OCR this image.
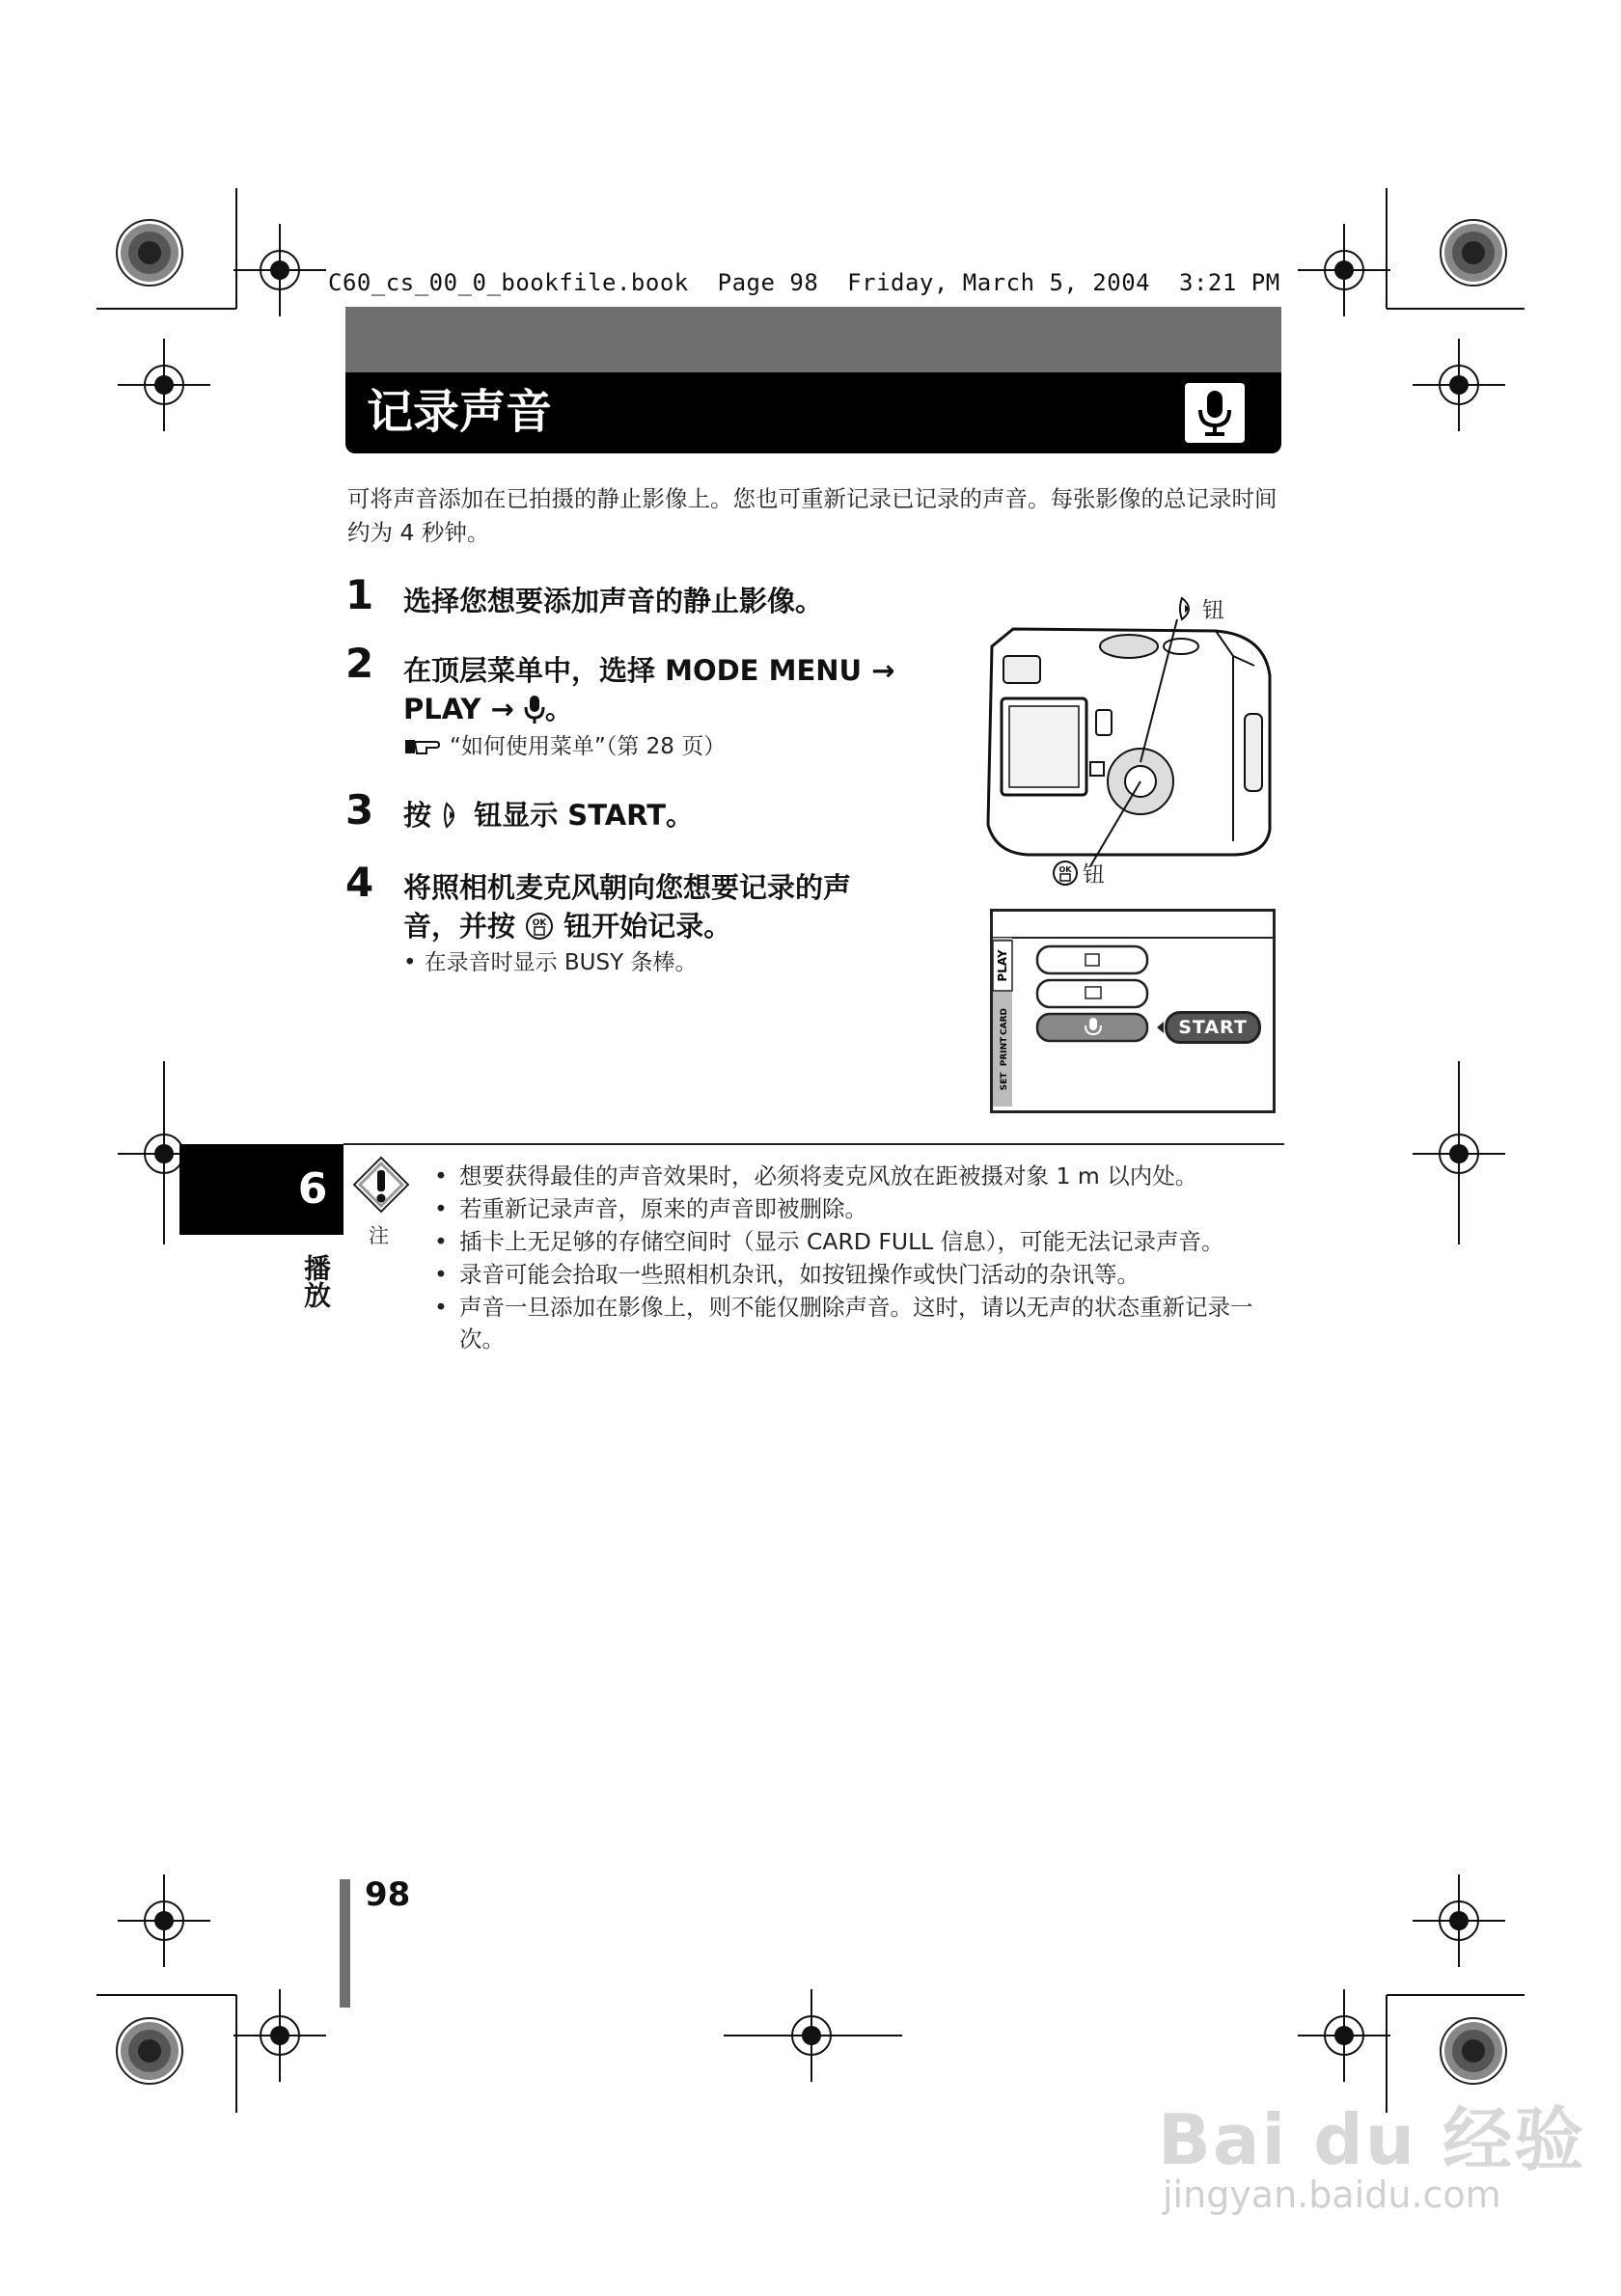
C60_cs_00_0_bookfile.book  Page 98  Friday, March 5, 2004  3:21 PM
记录声音
可将声音添加在已拍摄的静止影像上。您也可重新记录已记录的声音。每张影像的总记录时间约为 4 秒钟。
1	选择您想要添加声音的静止影像。
2	在顶层菜单中，选择 MODE MENU →
PLAY → 。
“如何使用菜单”（第 28 页）
3	按 钮显示 START。
4	将照相机麦克风朝向您想要记录的声
音，并按 OK 钮开始记录。
• 在录音时显示 BUSY 条棒。
钮
OK 钮
PLAY
CARD
PRINT
SET
START
6
播放
注
• 想要获得最佳的声音效果时，必须将麦克风放在距被摄对象 1 m 以内处。
• 若重新记录声音，原来的声音即被删除。
• 插卡上无足够的存储空间时（显示 CARD FULL 信息），可能无法记录声音。
• 录音可能会拾取一些照相机杂讯，如按钮操作或快门活动的杂讯等。
• 声音一旦添加在影像上，则不能仅删除声音。这时，请以无声的状态重新记录一次。
98
Bai du 经验
jingyan.baidu.com
